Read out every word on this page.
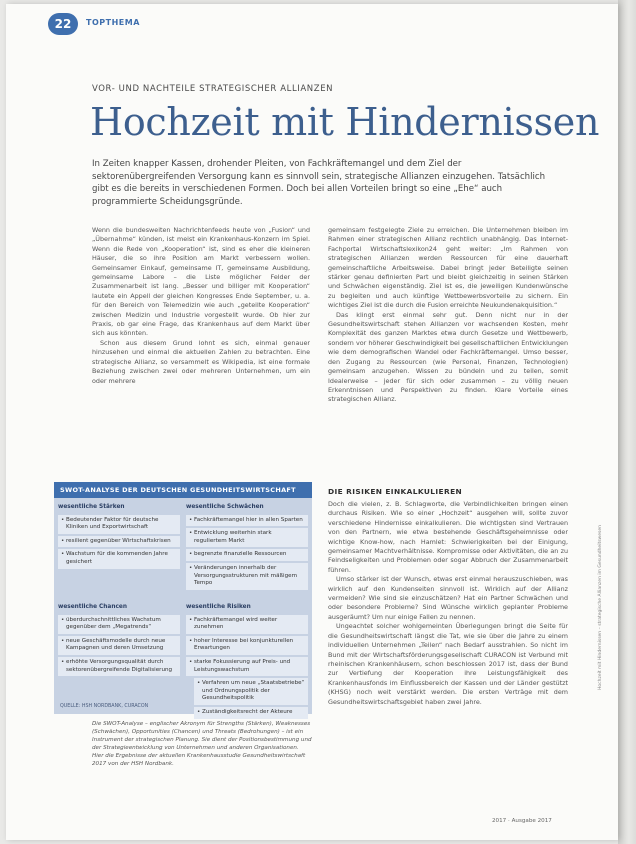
22	TOPTHEMA
VOR- UND NACHTEILE STRATEGISCHER ALLIANZEN
Hochzeit mit Hindernissen
In Zeiten knapper Kassen, drohender Pleiten, von Fachkräftemangel und dem Ziel der sektorenübergreifenden Versorgung kann es sinnvoll sein, strategische Allianzen einzugehen. Tatsächlich gibt es die bereits in verschiedenen Formen. Doch bei allen Vorteilen bringt so eine „Ehe“ auch programmierte Scheidungsgründe.

Wenn die bundesweiten Nachrichtenfeeds heute von „Fusion“ und „Übernahme“ künden, ist meist ein Krankenhaus-Konzern im Spiel. Wenn die Rede von „Kooperation“ ist, sind es eher die kleineren Häuser, die so ihre Position am Markt verbessern wollen. Gemeinsamer Einkauf, gemeinsame IT, gemeinsame Ausbildung, gemeinsame Labore – die Liste möglicher Felder der Zusammenarbeit ist lang. „Besser und billiger mit Kooperation“ lautete ein Appell der gleichen Kongresses Ende September, u. a. für den Bereich von Telemedizin wie auch „geteilte Kooperation“ zwischen Medizin und Industrie vorgestellt wurde. Ob hier zur Praxis, ob gar eine Frage, das Krankenhaus auf dem Markt über sich aus könnten.

Schon aus diesem Grund lohnt es sich, einmal genauer hinzusehen und einmal die aktuellen Zahlen zu betrachten. Eine strategische Allianz, so versammelt es Wikipedia, ist eine formale Beziehung zwischen zwei oder mehreren Unternehmen, um ein oder mehrere

gemeinsam festgelegte Ziele zu erreichen. Die Unternehmen bleiben im Rahmen einer strategischen Allianz rechtlich unabhängig. Das Internet-Fachportal Wirtschaftslexikon24 geht weiter: „Im Rahmen von strategischen Allianzen werden Ressourcen für eine dauerhaft gemeinschaftliche Arbeitsweise. Dabei bringt jeder Beteiligte seinen stärker genau definierten Part und bleibt gleichzeitig in seinen Stärken und Schwächen eigenständig. Ziel ist es, die jeweiligen Kundenwünsche zu begleiten und auch künftige Wettbewerbsvorteile zu sichern. Ein wichtiges Ziel ist die durch die Fusion erreichte Neukundenakquisition.“

Das klingt erst einmal sehr gut. Denn nicht nur in der Gesundheitswirtschaft stehen Allianzen vor wachsenden Kosten, mehr Komplexität des ganzen Marktes etwa durch Gesetze und Wettbewerb, sondern vor höherer Geschwindigkeit bei gesellschaftlichen Entwicklungen wie dem demografischen Wandel oder Fachkräftemangel. Umso besser, den Zugang zu Ressourcen (wie Personal, Finanzen, Technologien) gemeinsam anzugehen. Wissen zu bündeln und zu teilen, somit Idealerweise – jeder für sich oder zusammen – zu völlig neuen Erkenntnissen und Perspektiven zu finden. Klare Vorteile eines strategischen Allianz.

DIE RISIKEN EINKALKULIEREN

Doch die vielen, z. B. Schlagworte, die Verbindlichkeiten bringen einen durchaus Risiken. Wie so einer „Hochzeit“ ausgehen will, sollte zuvor verschiedene Hindernisse einkalkulieren. Die wichtigsten sind Vertrauen von den Partnern, wie etwa bestehende Geschäftsgeheimnisse oder wichtige Know-how, nach Hamlet: Schwierigkeiten bei der Einigung, gemeinsamer Machtverhältnisse. Kompromisse oder Aktivitäten, die an zu Feindseligkeiten und Problemen oder sogar Abbruch der Zusammenarbeit führen.

Umso stärker ist der Wunsch, etwas erst einmal herauszuschieben, was wirklich auf den Kundenseiten sinnvoll ist. Wirklich auf der Allianz vermeiden? Wie sind sie einzuschätzen? Hat ein Partner Schwächen und oder besondere Probleme? Sind Wünsche wirklich geplanter Probleme ausgeräumt? Um nur einige Fallen zu nennen.

Ungeachtet solcher wohlgemeinten Überlegungen bringt die Seite für die Gesundheitswirtschaft längst die Tat, wie sie über die Jahre zu einem individuellen Unternehmen „Teilen“ nach Bedarf ausstrahlen. So nicht im Bund mit der Wirtschaftsförderungsgesellschaft CURACON ist Verbund mit rheinischen Krankenhäusern, schon beschlossen 2017 ist, dass der Bund zur Vertiefung der Kooperation ihre Leistungsfähigkeit des Krankenhausfonds im Einflussbereich der Kassen und der Länder gestützt (KHSG) noch weit verstärkt werden. Die ersten Verträge mit dem Gesundheitswirtschaftsgebiet haben zwei Jahre.

SWOT-ANALYSE DER DEUTSCHEN GESUNDHEITSWIRTSCHAFT
wesentliche Stärken
• Bedeutender Faktor für deutsche Kliniken und Exportwirtschaft
• resilient gegenüber Wirtschaftskrisen
• Wachstum für die kommenden Jahre gesichert
wesentliche Schwächen
• Fachkräftemangel hier in allen Sparten
• Entwicklung weiterhin stark reguliertem Markt
• begrenzte finanzielle Ressourcen
• Veränderungen innerhalb der Versorgungsstrukturen mit mäßigem Tempo
wesentliche Chancen
• überdurchschnittliches Wachstum gegenüber dem „Megatrends“
• neue Geschäftsmodelle durch neue Kampagnen und deren Umsetzung
• erhöhte Versorgungsqualität durch sektorenübergreifende Digitalisierung
wesentliche Risiken
• Fachkräftemangel wird weiter zunehmen
• hoher Interesse bei konjunkturellen Erwartungen
• starke Fokussierung auf Preis- und Leistungswachstum
• Verfahren um neue „Staatsbetriebe“ und Ordnungspolitik der Gesundheitspolitik
• Zuständigkeitsrecht der Akteure
QUELLE: HSH NORDBANK, CURACON
Die SWOT-Analyse – englischer Akronym für Strengths (Stärken), Weaknesses (Schwächen), Opportunities (Chancen) und Threats (Bedrohungen) – ist ein Instrument der strategischen Planung. Sie dient der Positionsbestimmung und der Strategieentwicklung von Unternehmen und anderen Organisationen. Hier die Ergebnisse der aktuellen Krankenhausstudie Gesundheitswirtschaft 2017 von der HSH Nordbank.
2017 · Ausgabe 2017
Hochzeit mit Hindernissen – strategische Allianzen im Gesundheitswesen
